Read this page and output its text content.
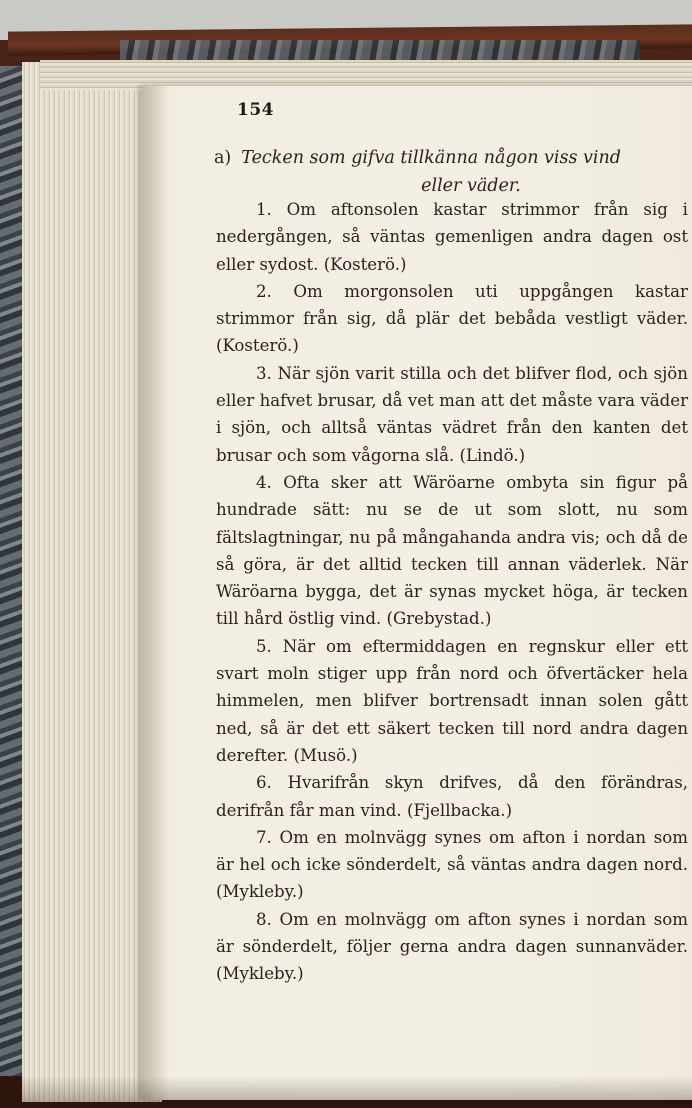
154
a) Tecken som gifva tillkänna någon viss vind
eller väder.

1. Om aftonsolen kastar strimmor från sig i nedergången, så väntas gemenligen andra dagen ost eller sydost. (Kosterö.)

2. Om morgonsolen uti uppgången kastar strimmor från sig, då plär det bebåda vestligt väder. (Kosterö.)

3. När sjön varit stilla och det blifver flod, och sjön eller hafvet brusar, då vet man att det måste vara väder i sjön, och alltså väntas vädret från den kanten det brusar och som vågorna slå. (Lindö.)

4. Ofta sker att Wäröarne ombyta sin figur på hundrade sätt: nu se de ut som slott, nu som fältslagtningar, nu på mångahanda andra vis; och då de så göra, är det alltid tecken till annan väderlek. När Wäröarna bygga, det är synas mycket höga, är tecken till hård östlig vind. (Grebystad.)

5. När om eftermiddagen en regnskur eller ett svart moln stiger upp från nord och öfvertäcker hela himmelen, men blifver bortrensadt innan solen gått ned, så är det ett säkert tecken till nord andra dagen derefter. (Musö.)

6. Hvarifrån skyn drifves, då den förändras, derifrån får man vind. (Fjellbacka.)

7. Om en molnvägg synes om afton i nordan som är hel och icke sönderdelt, så väntas andra dagen nord. (Mykleby.)

8. Om en molnvägg om afton synes i nordan som är sönderdelt, följer gerna andra dagen sunnanväder. (Mykleby.)
